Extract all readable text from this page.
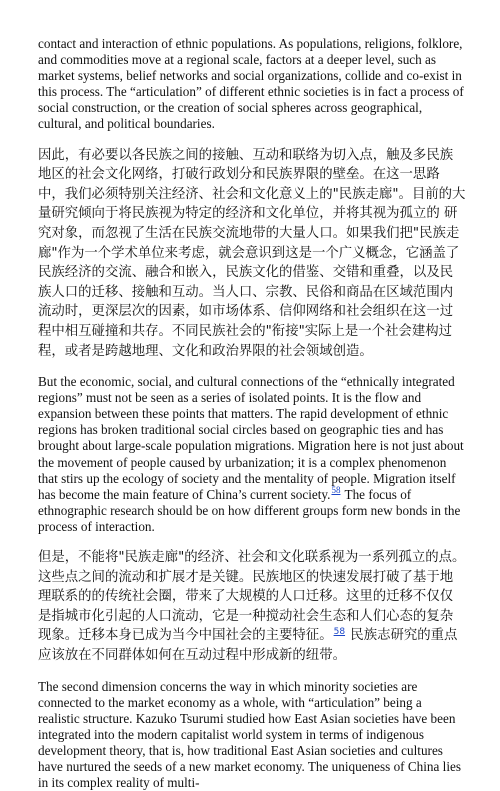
contact and interaction of ethnic populations. As populations, religions, folklore, and commodities move at a regional scale, factors at a deeper level, such as market systems, belief networks and social organizations, collide and co-exist in this process. The “articulation” of different ethnic societies is in fact a process of social construction, or the creation of social spheres across geographical, cultural, and political boundaries.

因此，有必要以各民族之间的接触、互动和联络为切入点，触及多民族地区的社会文化网络，打破行政划分和民族界限的壁垒。在这一思路中，我们必须特别关注经济、社会和文化意义上的"民族走廊"。目前的大量研究倾向于将民族视为特定的经济和文化单位，并将其视为孤立的 研究对象，而忽视了生活在民族交流地带的大量人口。如果我们把"民族走廊"作为一个学术单位来考虑，就会意识到这是一个广义概念，它涵盖了民族经济的交流、融合和嵌入，民族文化的借鉴、交错和重叠，以及民族人口的迁移、接触和互动。当人口、宗教、民俗和商品在区域范围内流动时，更深层次的因素，如市场体系、信仰网络和社会组织在这一过程中相互碰撞和共存。不同民族社会的"衔接"实际上是一个社会建构过程，或者是跨越地理、文化和政治界限的社会领域创造。

But the economic, social, and cultural connections of the “ethnically integrated regions” must not be seen as a series of isolated points. It is the flow and expansion between these points that matters. The rapid development of ethnic regions has broken traditional social circles based on geographic ties and has brought about large-scale population migrations. Migration here is not just about the movement of people caused by urbanization; it is a complex phenomenon that stirs up the ecology of society and the mentality of people. Migration itself has become the main feature of China’s current society.$^{58}$ The focus of ethnographic research should be on how different groups form new bonds in the process of interaction.

但是，不能将"民族走廊"的经济、社会和文化联系视为一系列孤立的点。这些点之间的流动和扩展才是关键。民族地区的快速发展打破了基于地理联系的的传统社会圈，带来了大规模的人口迁移。这里的迁移不仅仅是指城市化引起的人口流动，它是一种搅动社会生态和人们心态的复杂现象。迁移本身已成为当今中国社会的主要特征。$^{58}$ 民族志研究的重点应该放在不同群体如何在互动过程中形成新的纽带。

The second dimension concerns the way in which minority societies are connected to the market economy as a whole, with “articulation” being a realistic structure. Kazuko Tsurumi studied how East Asian societies have been integrated into the modern capitalist world system in terms of indigenous development theory, that is, how traditional East Asian societies and cultures have nurtured the seeds of a new market economy. The uniqueness of China lies in its complex reality of multi-
